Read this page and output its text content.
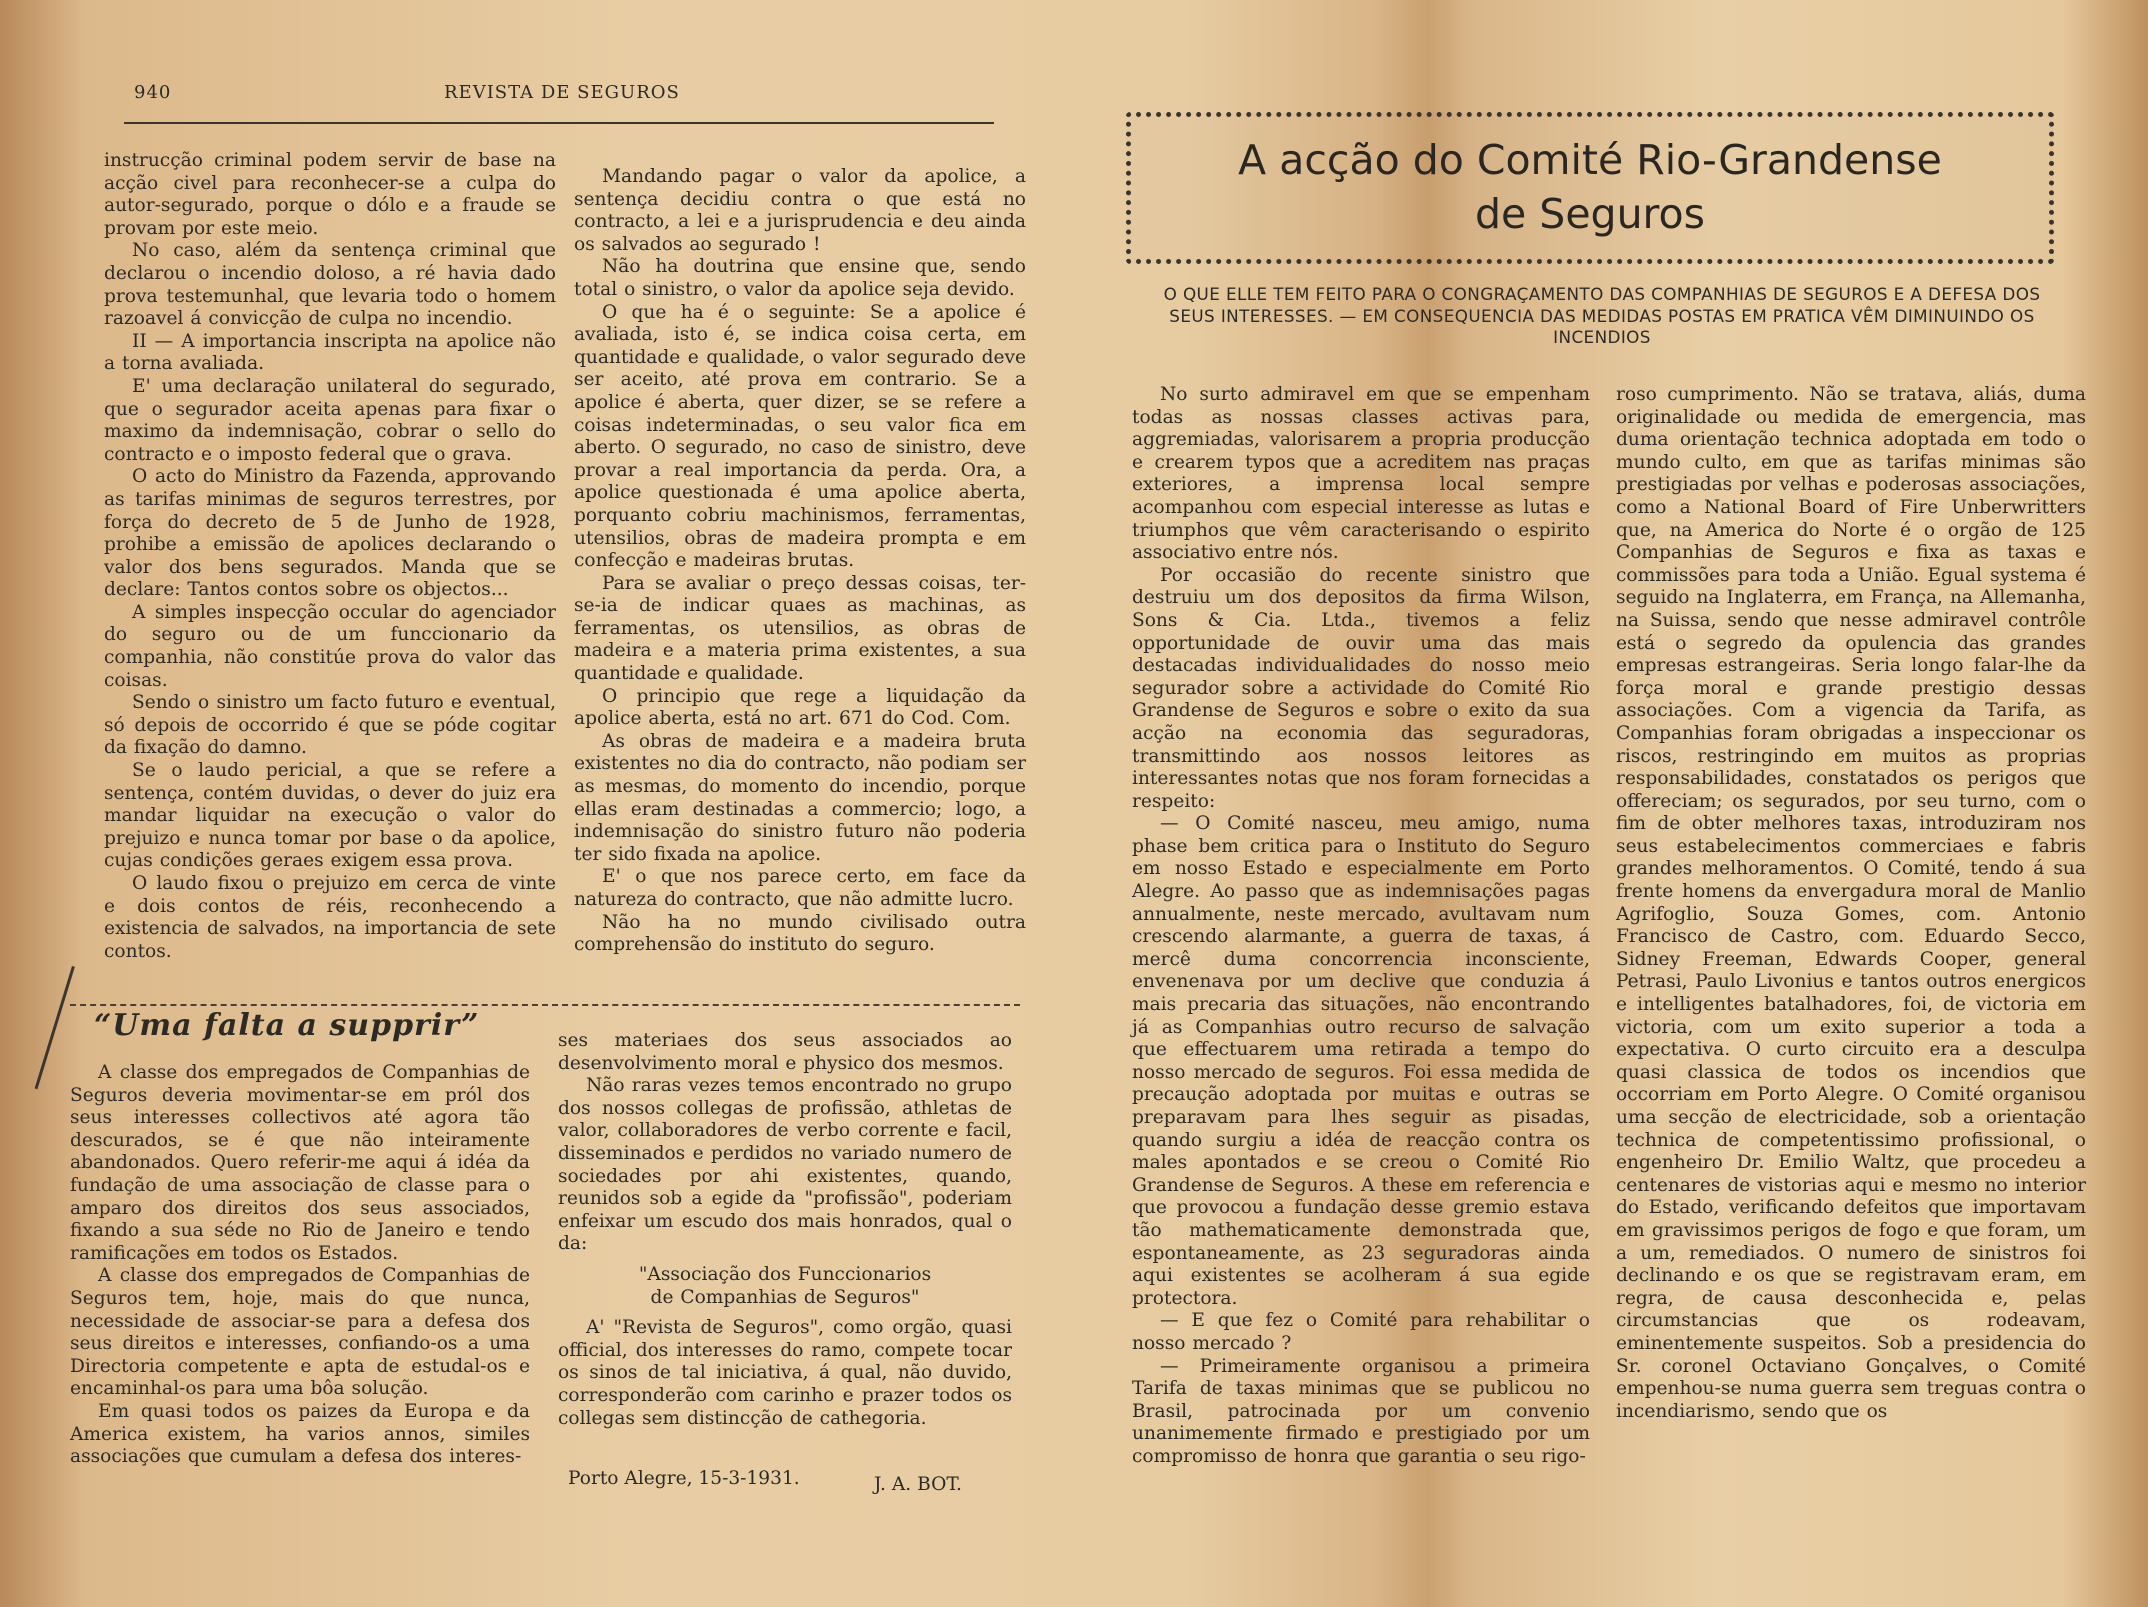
940	REVISTA DE SEGUROS

instrucção criminal podem servir de base na acção civel para reconhecer-se a culpa do autor-segurado, porque o dólo e a fraude se provam por este meio.

No caso, além da sentença criminal que declarou o incendio doloso, a ré havia dado prova testemunhal, que levaria todo o homem razoavel á convicção de culpa no incendio.

II — A importancia inscripta na apolice não a torna avaliada.

E' uma declaração unilateral do segurado, que o segurador aceita apenas para fixar o maximo da indemnisação, cobrar o sello do contracto e o imposto federal que o grava.

O acto do Ministro da Fazenda, approvando as tarifas minimas de seguros terrestres, por força do decreto de 5 de Junho de 1928, prohibe a emissão de apolices declarando o valor dos bens segurados. Manda que se declare: Tantos contos sobre os objectos...

A simples inspecção occular do agenciador do seguro ou de um funccionario da companhia, não constitúe prova do valor das coisas.

Sendo o sinistro um facto futuro e eventual, só depois de occorrido é que se póde cogitar da fixação do damno.

Se o laudo pericial, a que se refere a sentença, contém duvidas, o dever do juiz era mandar liquidar na execução o valor do prejuizo e nunca tomar por base o da apolice, cujas condições geraes exigem essa prova.

O laudo fixou o prejuizo em cerca de vinte e dois contos de réis, reconhecendo a existencia de salvados, na importancia de sete contos.

Mandando pagar o valor da apolice, a sentença decidiu contra o que está no contracto, a lei e a jurisprudencia e deu ainda os salvados ao segurado !

Não ha doutrina que ensine que, sendo total o sinistro, o valor da apolice seja devido.

O que ha é o seguinte: Se a apolice é avaliada, isto é, se indica coisa certa, em quantidade e qualidade, o valor segurado deve ser aceito, até prova em contrario. Se a apolice é aberta, quer dizer, se se refere a coisas indeterminadas, o seu valor fica em aberto. O segurado, no caso de sinistro, deve provar a real importancia da perda. Ora, a apolice questionada é uma apolice aberta, porquanto cobriu machinismos, ferramentas, utensilios, obras de madeira prompta e em confecção e madeiras brutas.

Para se avaliar o preço dessas coisas, ter-se-ia de indicar quaes as machinas, as ferramentas, os utensilios, as obras de madeira e a materia prima existentes, a sua quantidade e qualidade.

O principio que rege a liquidação da apolice aberta, está no art. 671 do Cod. Com.

As obras de madeira e a madeira bruta existentes no dia do contracto, não podiam ser as mesmas, do momento do incendio, porque ellas eram destinadas a commercio; logo, a indemnisação do sinistro futuro não poderia ter sido fixada na apolice.

E' o que nos parece certo, em face da natureza do contracto, que não admitte lucro.

Não ha no mundo civilisado outra comprehensão do instituto do seguro.

“Uma falta a supprir”

A classe dos empregados de Companhias de Seguros deveria movimentar-se em pról dos seus interesses collectivos até agora tão descurados, se é que não inteiramente abandonados. Quero referir-me aqui á idéa da fundação de uma associação de classe para o amparo dos direitos dos seus associados, fixando a sua séde no Rio de Janeiro e tendo ramificações em todos os Estados.

A classe dos empregados de Companhias de Seguros tem, hoje, mais do que nunca, necessidade de associar-se para a defesa dos seus direitos e interesses, confiando-os a uma Directoria competente e apta de estudal-os e encaminhal-os para uma bôa solução.

Em quasi todos os paizes da Europa e da America existem, ha varios annos, similes associações que cumulam a defesa dos interes-

ses materiaes dos seus associados ao desenvolvimento moral e physico dos mesmos.

Não raras vezes temos encontrado no grupo dos nossos collegas de profissão, athletas de valor, collaboradores de verbo corrente e facil, disseminados e perdidos no variado numero de sociedades por ahi existentes, quando, reunidos sob a egide da "profissão", poderiam enfeixar um escudo dos mais honrados, qual o da:

"Associação dos Funccionarios de Companhias de Seguros"

A' "Revista de Seguros", como orgão, quasi official, dos interesses do ramo, compete tocar os sinos de tal iniciativa, á qual, não duvido, corresponderão com carinho e prazer todos os collegas sem distincção de cathegoria.

Porto Alegre, 15-3-1931.	J. A. BOT.
A acção do Comité Rio-Grandense
de Seguros
O QUE ELLE TEM FEITO PARA O CONGRAÇAMENTO DAS COMPANHIAS DE SEGUROS E A DEFESA DOS SEUS INTERESSES. — EM CONSEQUENCIA DAS MEDIDAS POSTAS EM PRATICA VÊM DIMINUINDO OS INCENDIOS

No surto admiravel em que se empenham todas as nossas classes activas para, aggremiadas, valorisarem a propria producção e crearem typos que a acreditem nas praças exteriores, a imprensa local sempre acompanhou com especial interesse as lutas e triumphos que vêm caracterisando o espirito associativo entre nós.

Por occasião do recente sinistro que destruiu um dos depositos da firma Wilson, Sons & Cia. Ltda., tivemos a feliz opportunidade de ouvir uma das mais destacadas individualidades do nosso meio segurador sobre a actividade do Comité Rio Grandense de Seguros e sobre o exito da sua acção na economia das seguradoras, transmittindo aos nossos leitores as interessantes notas que nos foram fornecidas a respeito:

— O Comité nasceu, meu amigo, numa phase bem critica para o Instituto do Seguro em nosso Estado e especialmente em Porto Alegre. Ao passo que as indemnisações pagas annualmente, neste mercado, avultavam num crescendo alarmante, a guerra de taxas, á mercê duma concorrencia inconsciente, envenenava por um declive que conduzia á mais precaria das situações, não encontrando já as Companhias outro recurso de salvação que effectuarem uma retirada a tempo do nosso mercado de seguros. Foi essa medida de precaução adoptada por muitas e outras se preparavam para lhes seguir as pisadas, quando surgiu a idéa de reacção contra os males apontados e se creou o Comité Rio Grandense de Seguros. A these em referencia e que provocou a fundação desse gremio estava tão mathematicamente demonstrada que, espontaneamente, as 23 seguradoras ainda aqui existentes se acolheram á sua egide protectora.

— E que fez o Comité para rehabilitar o nosso mercado ?

— Primeiramente organisou a primeira Tarifa de taxas minimas que se publicou no Brasil, patrocinada por um convenio unanimemente firmado e prestigiado por um compromisso de honra que garantia o seu rigo-

roso cumprimento. Não se tratava, aliás, duma originalidade ou medida de emergencia, mas duma orientação technica adoptada em todo o mundo culto, em que as tarifas minimas são prestigiadas por velhas e poderosas associações, como a National Board of Fire Unberwritters que, na America do Norte é o orgão de 125 Companhias de Seguros e fixa as taxas e commissões para toda a União. Egual systema é seguido na Inglaterra, em França, na Allemanha, na Suissa, sendo que nesse admiravel contrôle está o segredo da opulencia das grandes empresas estrangeiras. Seria longo falar-lhe da força moral e grande prestigio dessas associações. Com a vigencia da Tarifa, as Companhias foram obrigadas a inspeccionar os riscos, restringindo em muitos as proprias responsabilidades, constatados os perigos que offereciam; os segurados, por seu turno, com o fim de obter melhores taxas, introduziram nos seus estabelecimentos commerciaes e fabris grandes melhoramentos. O Comité, tendo á sua frente homens da envergadura moral de Manlio Agrifoglio, Souza Gomes, com. Antonio Francisco de Castro, com. Eduardo Secco, Sidney Freeman, Edwards Cooper, general Petrasi, Paulo Livonius e tantos outros energicos e intelligentes batalhadores, foi, de victoria em victoria, com um exito superior a toda a expectativa. O curto circuito era a desculpa quasi classica de todos os incendios que occorriam em Porto Alegre. O Comité organisou uma secção de electricidade, sob a orientação technica de competentissimo profissional, o engenheiro Dr. Emilio Waltz, que procedeu a centenares de vistorias aqui e mesmo no interior do Estado, verificando defeitos que importavam em gravissimos perigos de fogo e que foram, um a um, remediados. O numero de sinistros foi declinando e os que se registravam eram, em regra, de causa desconhecida e, pelas circumstancias que os rodeavam, eminentemente suspeitos. Sob a presidencia do Sr. coronel Octaviano Gonçalves, o Comité empenhou-se numa guerra sem treguas contra o incendiarismo, sendo que os
